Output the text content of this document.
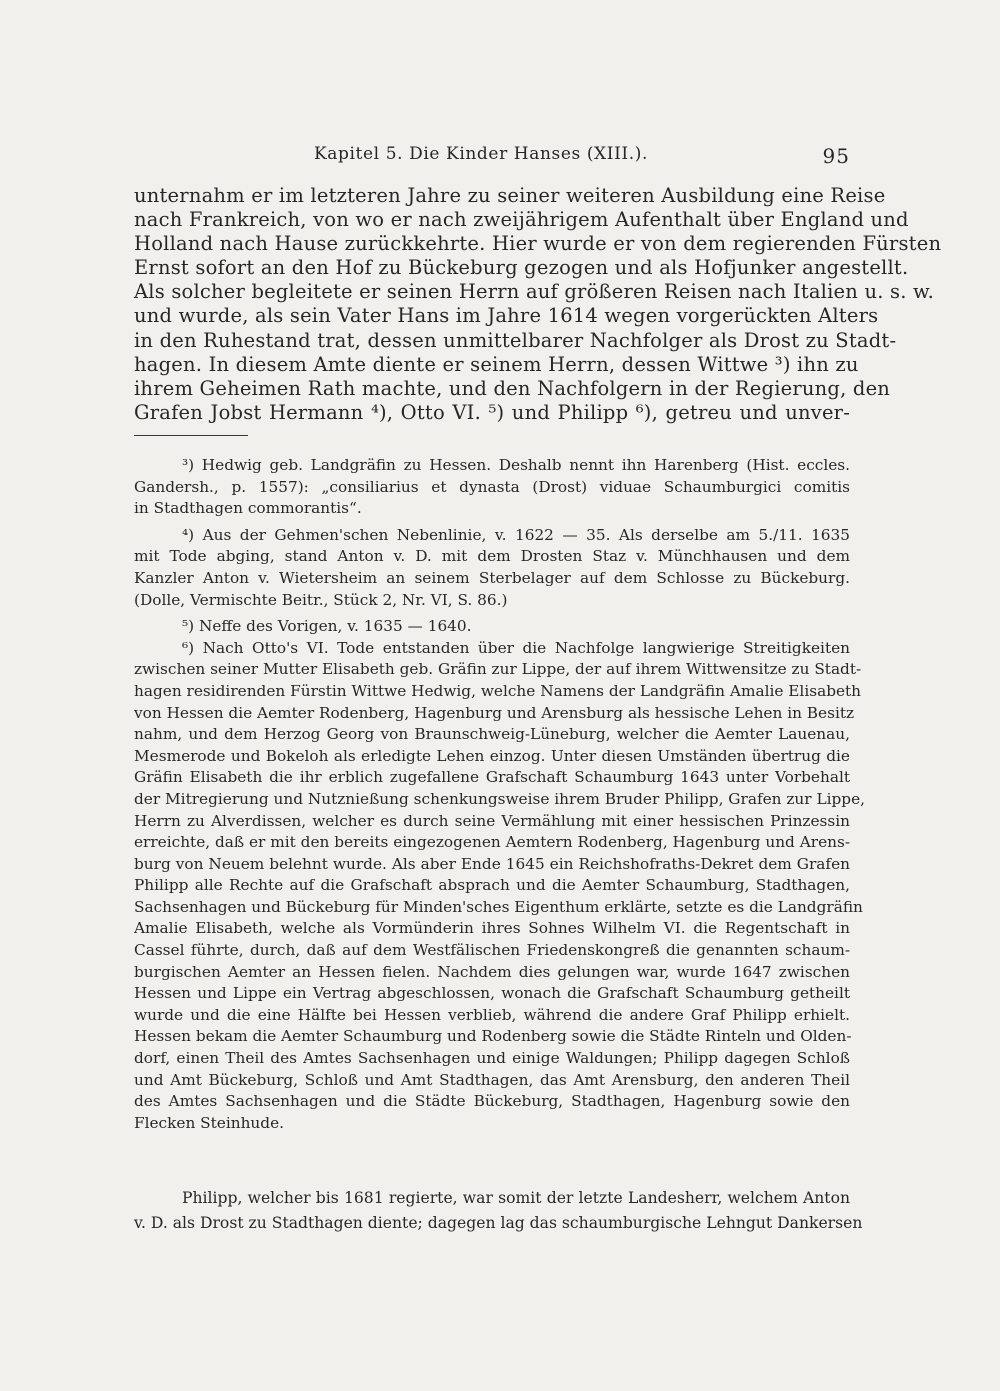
Kapitel 5. Die Kinder Hanses (XIII.).	95
unternahm er im letzteren Jahre zu seiner weiteren Ausbildung eine Reise
nach Frankreich, von wo er nach zweijährigem Aufenthalt über England und
Holland nach Hause zurückkehrte. Hier wurde er von dem regierenden Fürsten
Ernst sofort an den Hof zu Bückeburg gezogen und als Hofjunker angestellt.
Als solcher begleitete er seinen Herrn auf größeren Reisen nach Italien u. s. w.
und wurde, als sein Vater Hans im Jahre 1614 wegen vorgerückten Alters
in den Ruhestand trat, dessen unmittelbarer Nachfolger als Drost zu Stadt-
hagen. In diesem Amte diente er seinem Herrn, dessen Wittwe ³) ihn zu
ihrem Geheimen Rath machte, und den Nachfolgern in der Regierung, den
Grafen Jobst Hermann ⁴), Otto VI. ⁵) und Philipp ⁶), getreu und unver-
³) Hedwig geb. Landgräfin zu Hessen. Deshalb nennt ihn Harenberg (Hist. eccles.
Gandersh., p. 1557): „consiliarius et dynasta (Drost) viduae Schaumburgici comitis
in Stadthagen commorantis“.
⁴) Aus der Gehmen'schen Nebenlinie, v. 1622 — 35. Als derselbe am 5./11. 1635
mit Tode abging, stand Anton v. D. mit dem Drosten Staz v. Münchhausen und dem
Kanzler Anton v. Wietersheim an seinem Sterbelager auf dem Schlosse zu Bückeburg.
(Dolle, Vermischte Beitr., Stück 2, Nr. VI, S. 86.)
⁵) Neffe des Vorigen, v. 1635 — 1640.
⁶) Nach Otto's VI. Tode entstanden über die Nachfolge langwierige Streitigkeiten
zwischen seiner Mutter Elisabeth geb. Gräfin zur Lippe, der auf ihrem Wittwensitze zu Stadt-
hagen residirenden Fürstin Wittwe Hedwig, welche Namens der Landgräfin Amalie Elisabeth
von Hessen die Aemter Rodenberg, Hagenburg und Arensburg als hessische Lehen in Besitz
nahm, und dem Herzog Georg von Braunschweig-Lüneburg, welcher die Aemter Lauenau,
Mesmerode und Bokeloh als erledigte Lehen einzog. Unter diesen Umständen übertrug die
Gräfin Elisabeth die ihr erblich zugefallene Grafschaft Schaumburg 1643 unter Vorbehalt
der Mitregierung und Nutznießung schenkungsweise ihrem Bruder Philipp, Grafen zur Lippe,
Herrn zu Alverdissen, welcher es durch seine Vermählung mit einer hessischen Prinzessin
erreichte, daß er mit den bereits eingezogenen Aemtern Rodenberg, Hagenburg und Arens-
burg von Neuem belehnt wurde. Als aber Ende 1645 ein Reichshofraths-Dekret dem Grafen
Philipp alle Rechte auf die Grafschaft absprach und die Aemter Schaumburg, Stadthagen,
Sachsenhagen und Bückeburg für Minden'sches Eigenthum erklärte, setzte es die Landgräfin
Amalie Elisabeth, welche als Vormünderin ihres Sohnes Wilhelm VI. die Regentschaft in
Cassel führte, durch, daß auf dem Westfälischen Friedenskongreß die genannten schaum-
burgischen Aemter an Hessen fielen. Nachdem dies gelungen war, wurde 1647 zwischen
Hessen und Lippe ein Vertrag abgeschlossen, wonach die Grafschaft Schaumburg getheilt
wurde und die eine Hälfte bei Hessen verblieb, während die andere Graf Philipp erhielt.
Hessen bekam die Aemter Schaumburg und Rodenberg sowie die Städte Rinteln und Olden-
dorf, einen Theil des Amtes Sachsenhagen und einige Waldungen; Philipp dagegen Schloß
und Amt Bückeburg, Schloß und Amt Stadthagen, das Amt Arensburg, den anderen Theil
des Amtes Sachsenhagen und die Städte Bückeburg, Stadthagen, Hagenburg sowie den
Flecken Steinhude.
Philipp, welcher bis 1681 regierte, war somit der letzte Landesherr, welchem Anton
v. D. als Drost zu Stadthagen diente; dagegen lag das schaumburgische Lehngut Dankersen
